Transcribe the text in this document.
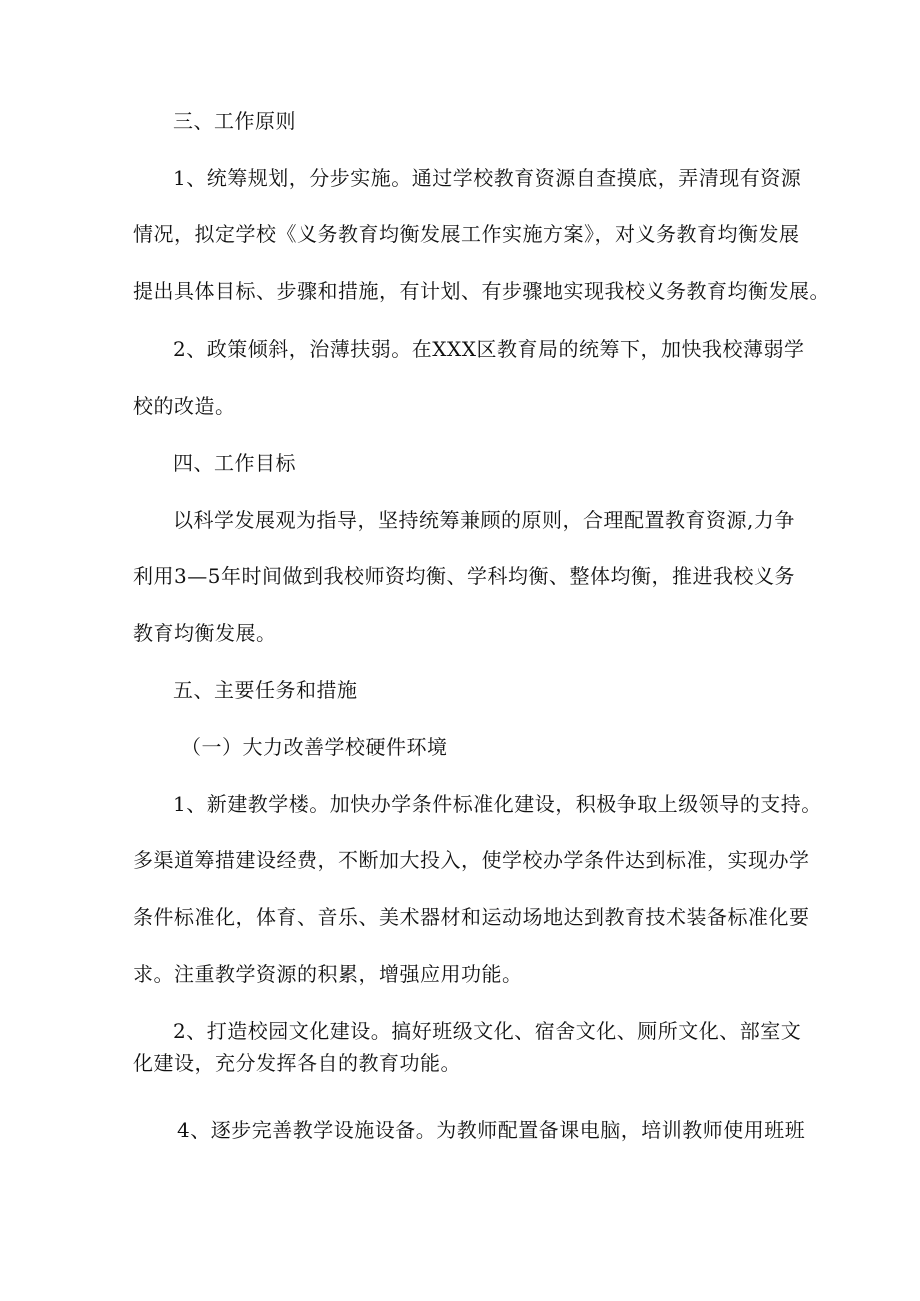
三、工作原则
1、统筹规划，分步实施。通过学校教育资源自查摸底，弄清现有资源
情况，拟定学校《义务教育均衡发展工作实施方案》，对义务教育均衡发展
提出具体目标、步骤和措施，有计划、有步骤地实现我校义务教育均衡发展。
2、政策倾斜，治薄扶弱。在XXX区教育局的统筹下，加快我校薄弱学
校的改造。
四、工作目标
以科学发展观为指导，坚持统筹兼顾的原则，合理配置教育资源,力争
利用3—5年时间做到我校师资均衡、学科均衡、整体均衡，推进我校义务
教育均衡发展。
五、主要任务和措施
（一）大力改善学校硬件环境
1、新建教学楼。加快办学条件标准化建设，积极争取上级领导的支持。
多渠道筹措建设经费，不断加大投入，使学校办学条件达到标准，实现办学
条件标准化，体育、音乐、美术器材和运动场地达到教育技术装备标准化要
求。注重教学资源的积累，增强应用功能。
2、打造校园文化建设。搞好班级文化、宿舍文化、厕所文化、部室文
化建设，充分发挥各自的教育功能。
4、逐步完善教学设施设备。为教师配置备课电脑，培训教师使用班班
